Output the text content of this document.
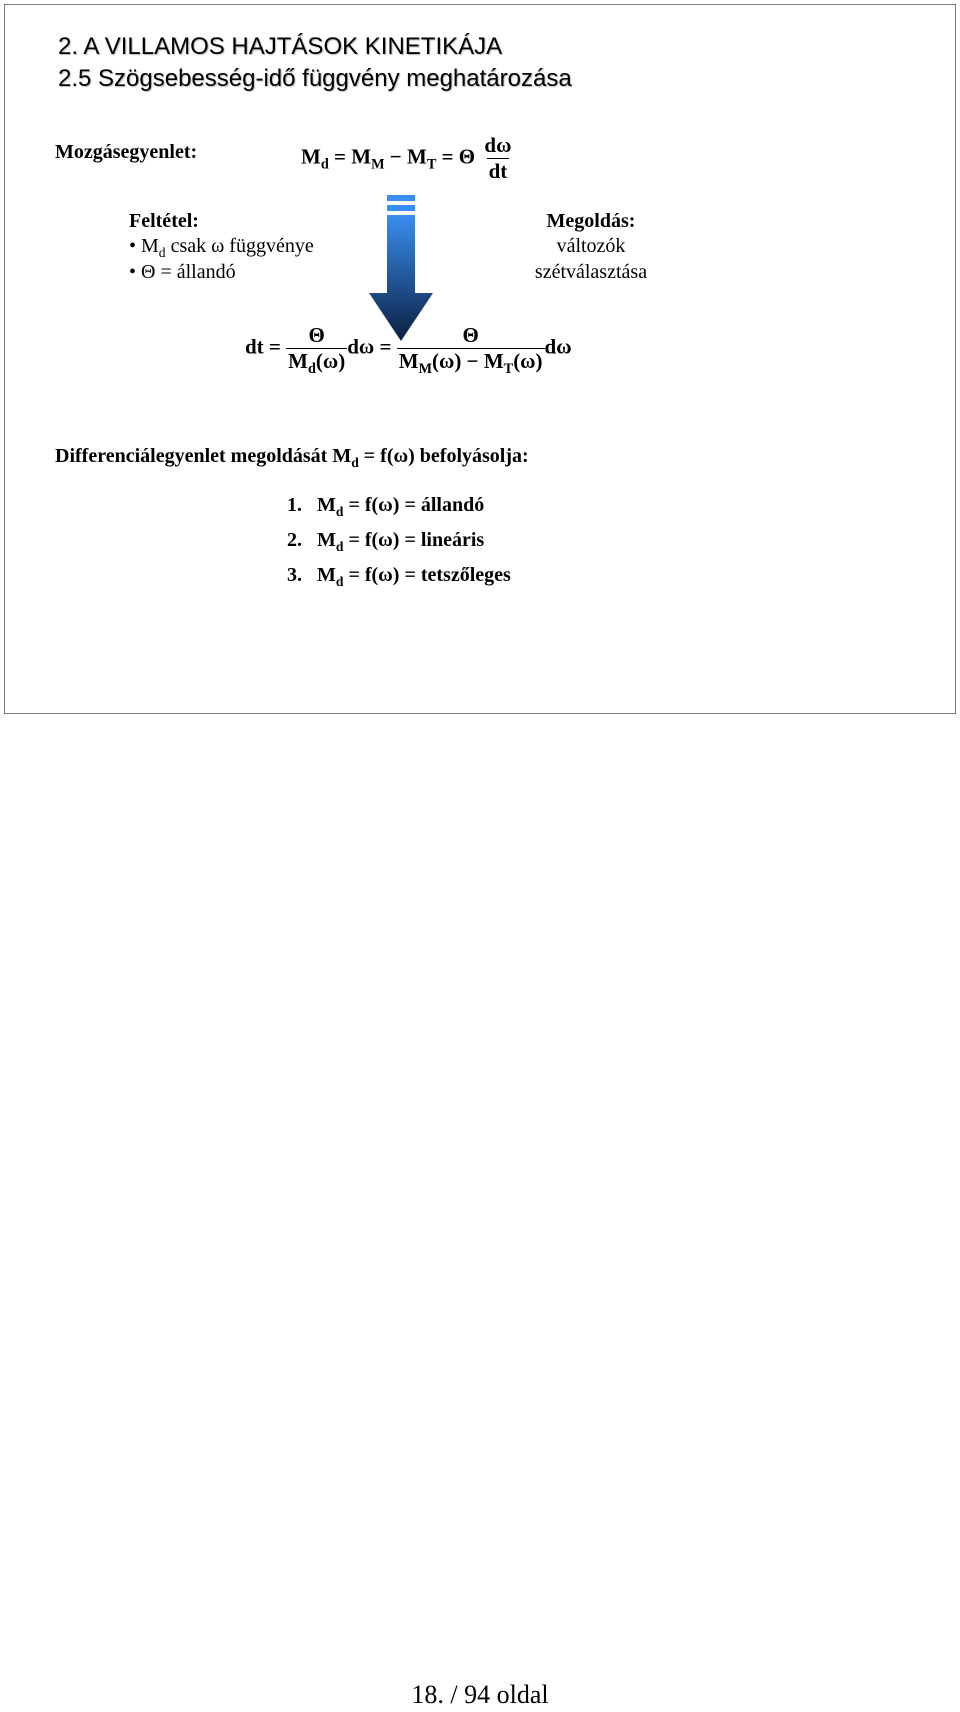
2. A VILLAMOS HAJTÁSOK KINETIKÁJA
2.5 Szögsebesség-idő függvény meghatározása
Mozgásegyenlet:	$M_d = M_M - M_T = \Theta \frac{d\omega}{dt}$
Feltétel:
• $M_d$ csak ω függvénye
• Θ = állandó
Megoldás:
változók
szétválasztása
dt = $\frac{\Theta}{M_d(\omega)}$ $d\omega = \frac{\Theta}{M_M(\omega) - M_T(\omega)}$ dω
Differenciálegyenlet megoldását $M_d = f(\omega)$ befolyásolja:
1. $M_d = f(\omega)$ = állandó
2. $M_d = f(\omega)$ = lineáris
3. $M_d = f(\omega)$ = tetszőleges
18. / 94 oldal
